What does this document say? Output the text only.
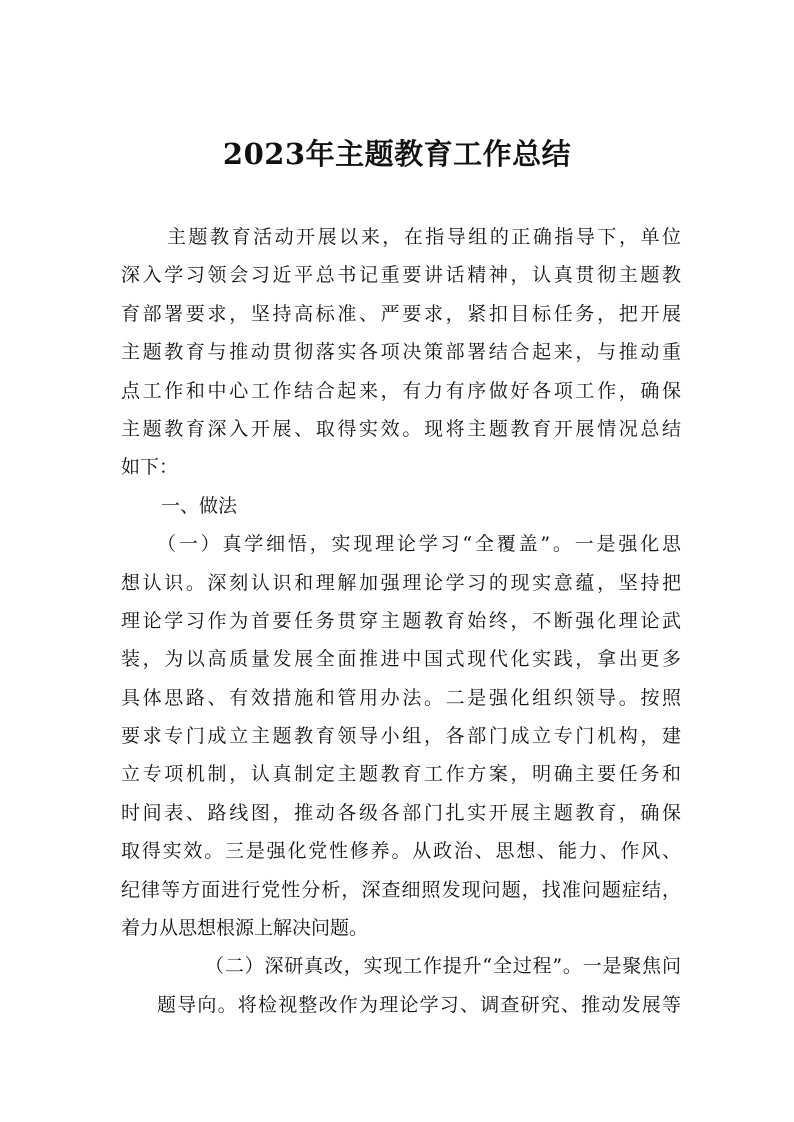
2023年主题教育工作总结
主题教育活动开展以来，在指导组的正确指导下，单位
深入学习领会习近平总书记重要讲话精神，认真贯彻主题教
育部署要求，坚持高标准、严要求，紧扣目标任务，把开展
主题教育与推动贯彻落实各项决策部署结合起来，与推动重
点工作和中心工作结合起来，有力有序做好各项工作，确保
主题教育深入开展、取得实效。现将主题教育开展情况总结
如下：
一、做法
（一）真学细悟，实现理论学习“全覆盖”。一是强化思
想认识。深刻认识和理解加强理论学习的现实意蕴，坚持把
理论学习作为首要任务贯穿主题教育始终，不断强化理论武
装，为以高质量发展全面推进中国式现代化实践，拿出更多
具体思路、有效措施和管用办法。二是强化组织领导。按照
要求专门成立主题教育领导小组，各部门成立专门机构，建
立专项机制，认真制定主题教育工作方案，明确主要任务和
时间表、路线图，推动各级各部门扎实开展主题教育，确保
取得实效。三是强化党性修养。从政治、思想、能力、作风、
纪律等方面进行党性分析，深查细照发现问题，找准问题症结，
着力从思想根源上解决问题。
（二）深研真改，实现工作提升“全过程”。一是聚焦问
题导向。将检视整改作为理论学习、调查研究、推动发展等
